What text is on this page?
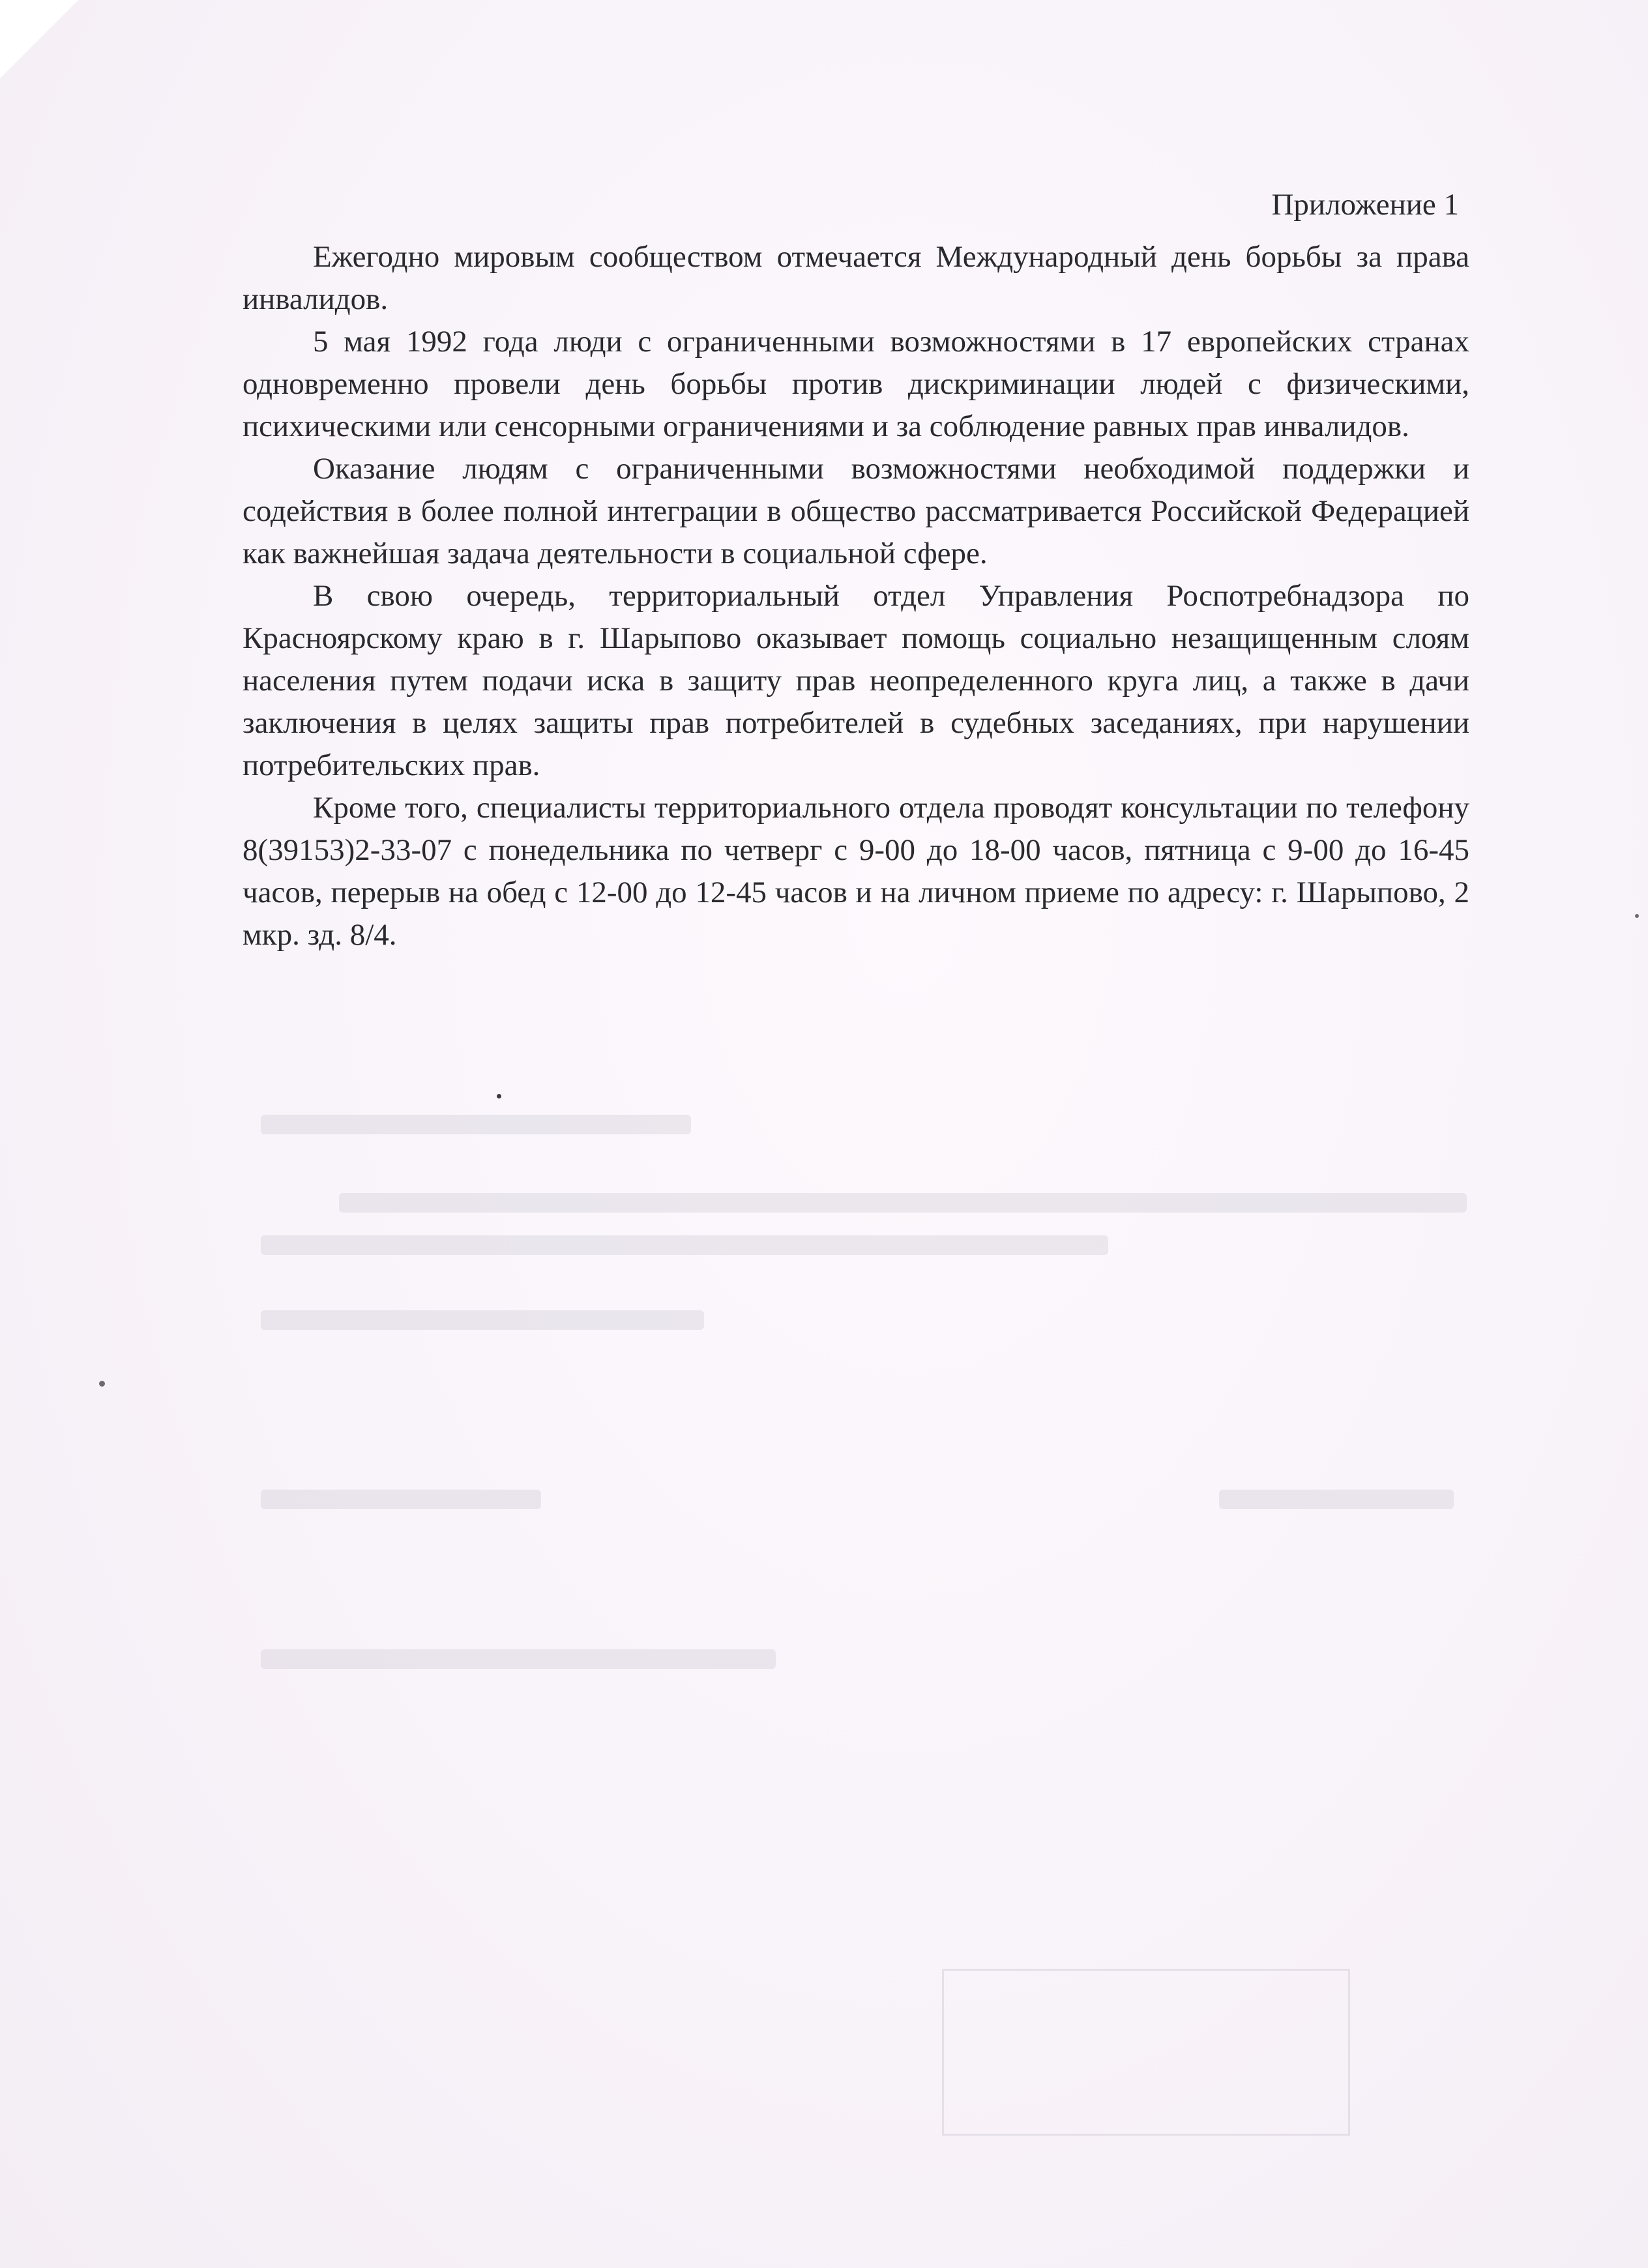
Приложение 1

Ежегодно мировым сообществом отмечается Международный день борьбы за права инвалидов.

5 мая 1992 года люди с ограниченными возможностями в 17 европейских странах одновременно провели день борьбы против дискриминации людей с физическими, психическими или сенсорными ограничениями и за соблюдение равных прав инвалидов.

Оказание людям с ограниченными возможностями необходимой поддержки и содействия в более полной интеграции в общество рассматривается Российской Федерацией как важнейшая задача деятельности в социальной сфере.

В свою очередь, территориальный отдел Управления Роспотребнадзора по Красноярскому краю в г. Шарыпово оказывает помощь социально незащищенным слоям населения путем подачи иска в защиту прав неопределенного круга лиц, а также в дачи заключения в целях защиты прав потребителей в судебных заседаниях, при нарушении потребительских прав.

Кроме того, специалисты территориального отдела проводят консультации по телефону 8(39153)2-33-07 с понедельника по четверг с 9-00 до 18-00 часов, пятница с 9-00 до 16-45 часов, перерыв на обед с 12-00 до 12-45 часов и на личном приеме по адресу: г. Шарыпово, 2 мкр. зд. 8/4.
